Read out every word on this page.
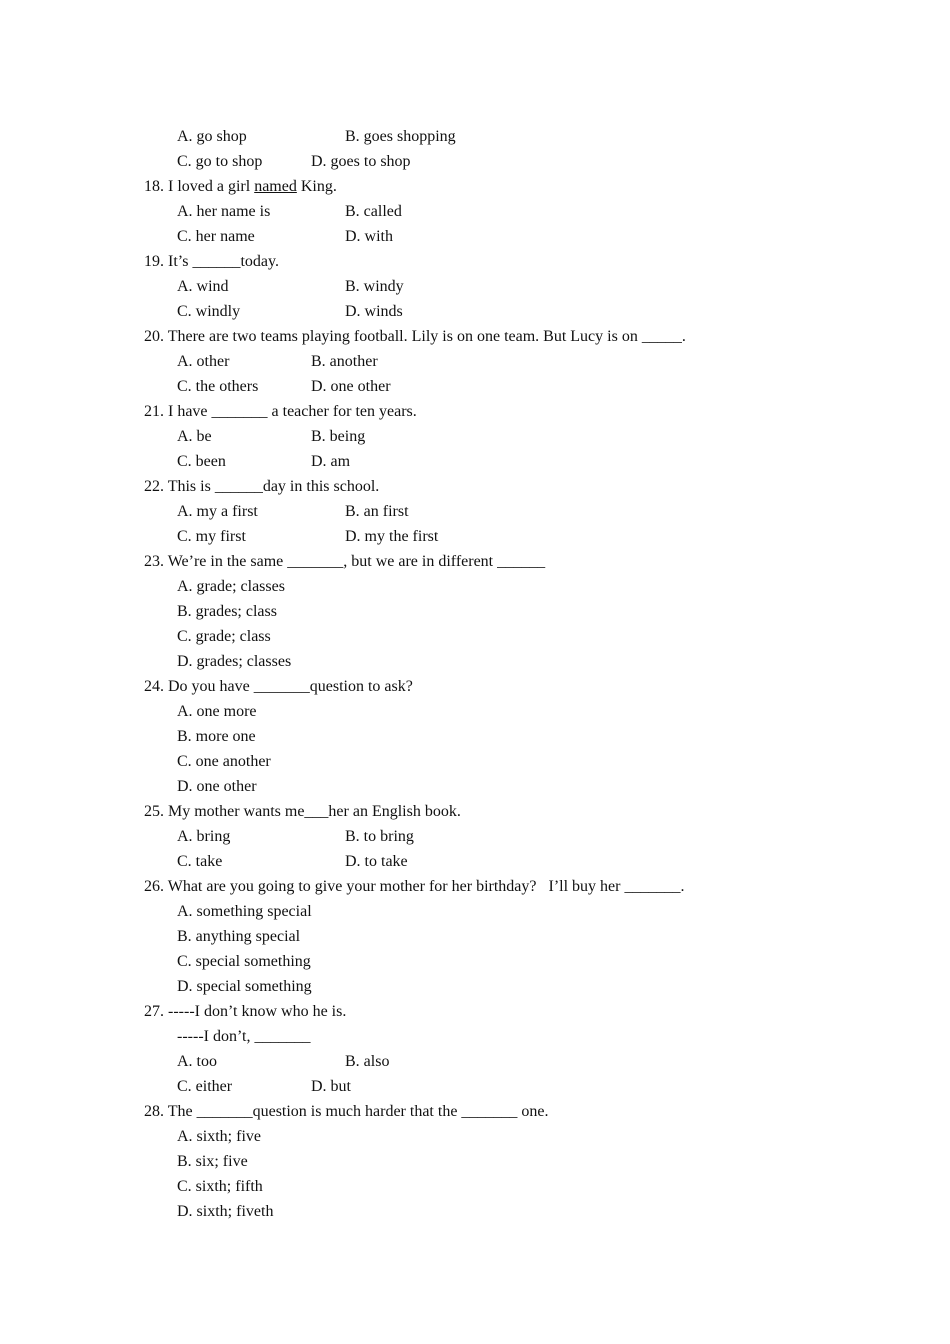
A. go shop	B. goes shopping
C. go to shop	D. goes to shop
18. I loved a girl named King.
A. her name is	B. called
C. her name	D. with
19. It’s ______today.
A. wind	B. windy
C. windly	D. winds
20. There are two teams playing football. Lily is on one team. But Lucy is on _____.
A. other	B. another
C. the others	D. one other
21. I have _______ a teacher for ten years.
A. be	B. being
C. been	D. am
22. This is ______day in this school.
A. my a first	B. an first
C. my first	D. my the first
23. We’re in the same _______, but we are in different ______
A. grade; classes
B. grades; class
C. grade; class
D. grades; classes
24. Do you have _______question to ask?
A. one more
B. more one
C. one another
D. one other
25. My mother wants me___her an English book.
A. bring	B. to bring
C. take	D. to take
26. What are you going to give your mother for her birthday?   I’ll buy her _______.
A. something special
B. anything special
C. special something
D. special something
27. -----I don’t know who he is.
-----I don’t, _______
A. too	B. also
C. either	D. but
28. The _______question is much harder that the _______ one.
A. sixth; five
B. six; five
C. sixth; fifth
D. sixth; fiveth
